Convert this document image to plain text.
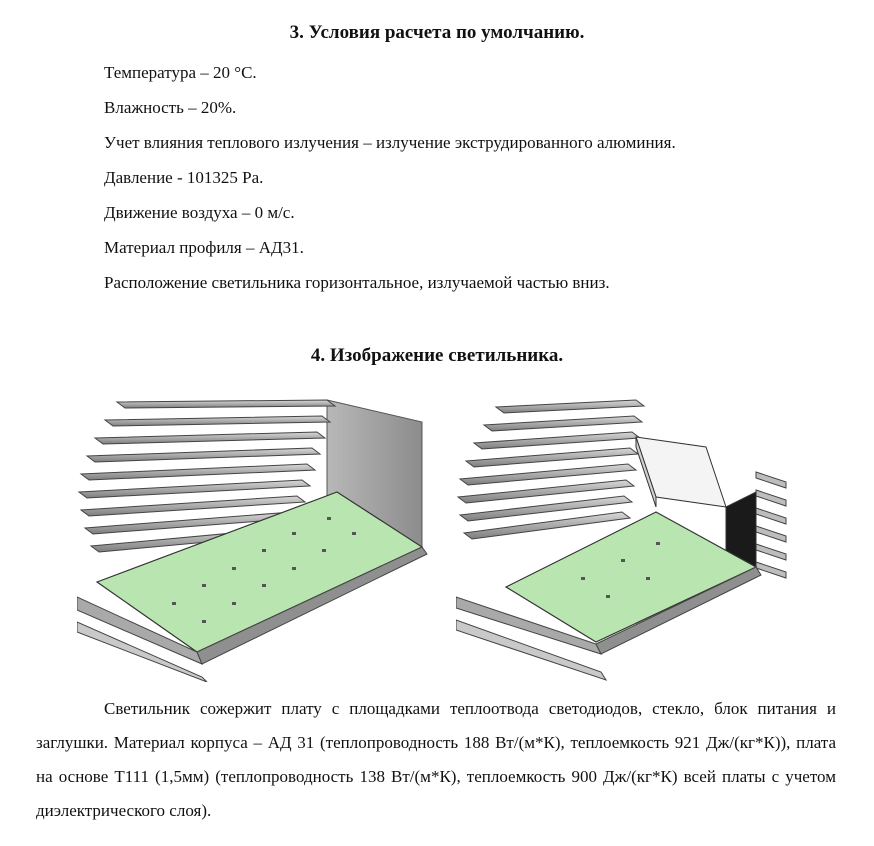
3. Условия расчета по умолчанию.
Температура – 20 °С.
Влажность – 20%.
Учет влияния теплового излучения – излучение экструдированного алюминия.
Давление - 101325 Ра.
Движение воздуха – 0 м/с.
Материал профиля – АД31.
Расположение светильника горизонтальное, излучаемой частью вниз.
4. Изображение светильника.
Светильник сожержит плату с площадками теплоотвода светодиодов, стекло, блок питания и заглушки. Материал корпуса – АД 31 (теплопроводность 188 Вт/(м*К), теплоемкость 921 Дж/(кг*К)), плата на основе Т111 (1,5мм) (теплопроводность 138 Вт/(м*К), теплоемкость 900 Дж/(кг*К) всей платы с учетом диэлектрического слоя).
